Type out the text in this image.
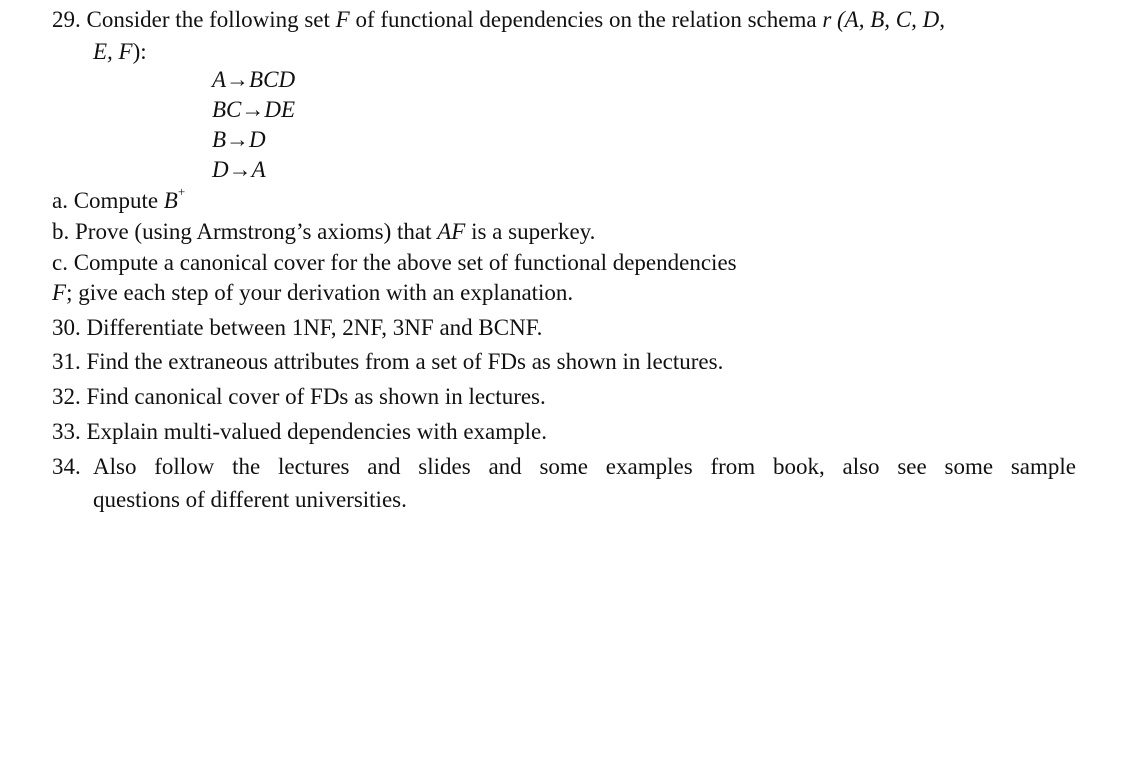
29. Consider the following set F of functional dependencies on the relation schema r (A, B, C, D,
E, F):
A→BCD
BC→DE
B→D
D→A
a. Compute B+
b. Prove (using Armstrong’s axioms) that AF is a superkey.
c. Compute a canonical cover for the above set of functional dependencies
F; give each step of your derivation with an explanation.
30. Differentiate between 1NF, 2NF, 3NF and BCNF.
31. Find the extraneous attributes from a set of FDs as shown in lectures.
32. Find canonical cover of FDs as shown in lectures.
33. Explain multi-valued dependencies with example.
34. Also follow the lectures and slides and some examples from book, also see some sample
questions of different universities.
